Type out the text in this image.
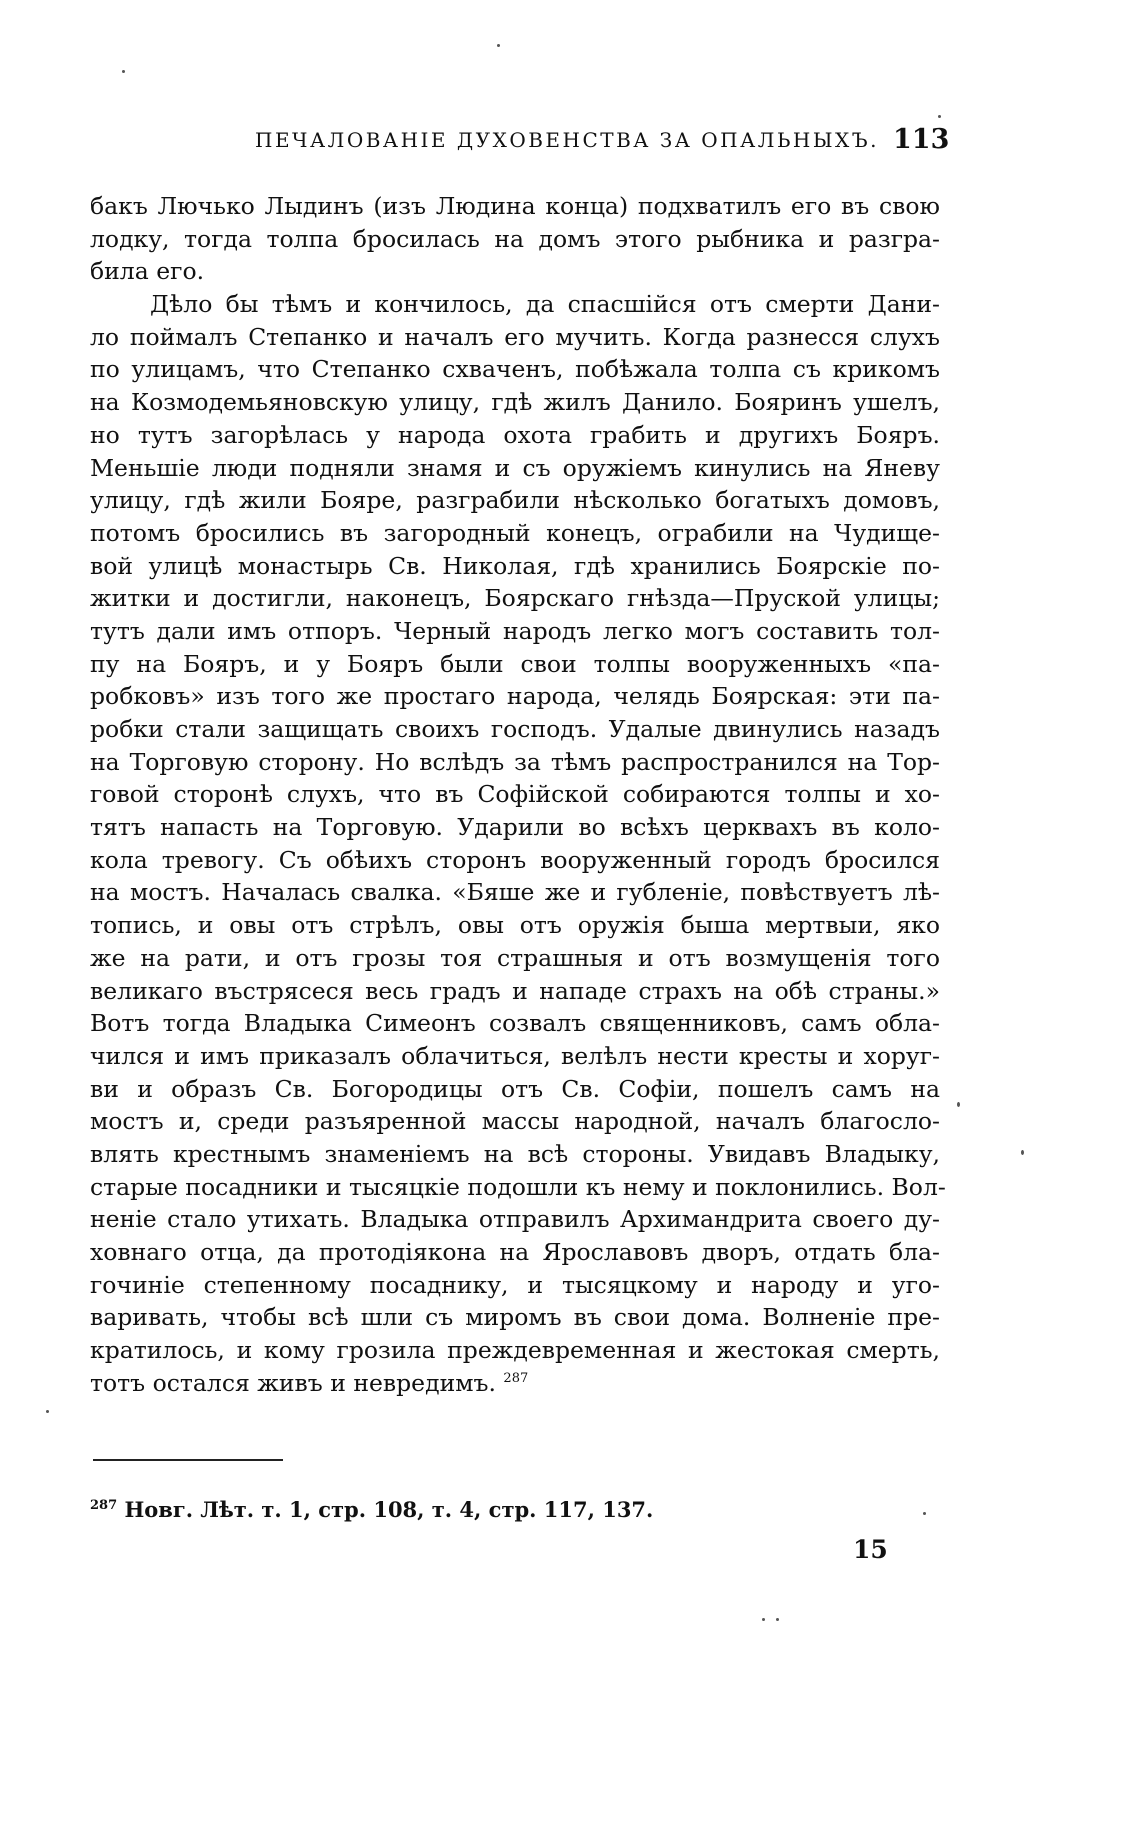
ПЕЧАЛОВАНІЕ ДУХОВЕНСТВА ЗА ОПАЛЬНЫХЪ. 113
бакъ Лючько Лыдинъ (изъ Людина конца) подхватилъ его въ свою
лодку, тогда толпа бросилась на домъ этого рыбника и разгра-
била его.
Дѣло бы тѣмъ и кончилось, да спасшійся отъ смерти Дани-
ло поймалъ Степанко и началъ его мучить. Когда разнесся слухъ
по улицамъ, что Степанко схваченъ, побѣжала толпа съ крикомъ
на Козмодемьяновскую улицу, гдѣ жилъ Данило. Бояринъ ушелъ,
но тутъ загорѣлась у народа охота грабить и другихъ Бояръ.
Меньшіе люди подняли знамя и съ оружіемъ кинулись на Яневу
улицу, гдѣ жили Бояре, разграбили нѣсколько богатыхъ домовъ,
потомъ бросились въ загородный конецъ, ограбили на Чудищe-
вой улицѣ монастырь Св. Николая, гдѣ хранились Боярскіе по-
житки и достигли, наконецъ, Боярскаго гнѣзда—Пруской улицы;
тутъ дали имъ отпоръ. Черный народъ легко могъ составить тол-
пу на Бояръ, и у Бояръ были свои толпы вооруженныхъ «па-
робковъ» изъ того же простаго народа, челядь Боярская: эти па-
робки стали защищать своихъ господъ. Удалые двинулись назадъ
на Торговую сторону. Но вслѣдъ за тѣмъ распространился на Тор-
говой сторонѣ слухъ, что въ Софійской собираются толпы и хо-
тятъ напасть на Торговую. Ударили во всѣхъ церквахъ въ коло-
кола тревогу. Съ обѣихъ сторонъ вооруженный городъ бросился
на мостъ. Началась свалка. «Бяше же и губленіе, повѣствуетъ лѣ-
топись, и овы отъ стрѣлъ, овы отъ оружія быша мертвыи, яко
же на рати, и отъ грозы тоя страшныя и отъ возмущенія того
великаго въстрясеся весь градъ и нападе страхъ на обѣ страны.»
Вотъ тогда Владыка Симеонъ созвалъ священниковъ, самъ обла-
чился и имъ приказалъ облачиться, велѣлъ нести кресты и хоруг-
ви и образъ Св. Богородицы отъ Св. Софіи, пошелъ самъ на
мостъ и, среди разъяренной массы народной, началъ благосло-
влять крестнымъ знаменіемъ на всѣ стороны. Увидавъ Владыку,
старые посадники и тысяцкіе подошли къ нему и поклонились. Вол-
неніе стало утихать. Владыка отправилъ Архимандрита своего ду-
ховнаго отца, да протодіякона на Ярославовъ дворъ, отдать бла-
гочиніе степенному посаднику, и тысяцкому и народу и уго-
варивать, чтобы всѣ шли съ миромъ въ свои дома. Волненіе пре-
кратилось, и кому грозила преждевременная и жестокая смерть,
тотъ остался живъ и невредимъ. $^{287}$
$^{287}$ Новг. Лѣт. т. 1, стр. 108, т. 4, стр. 117, 137.
15
